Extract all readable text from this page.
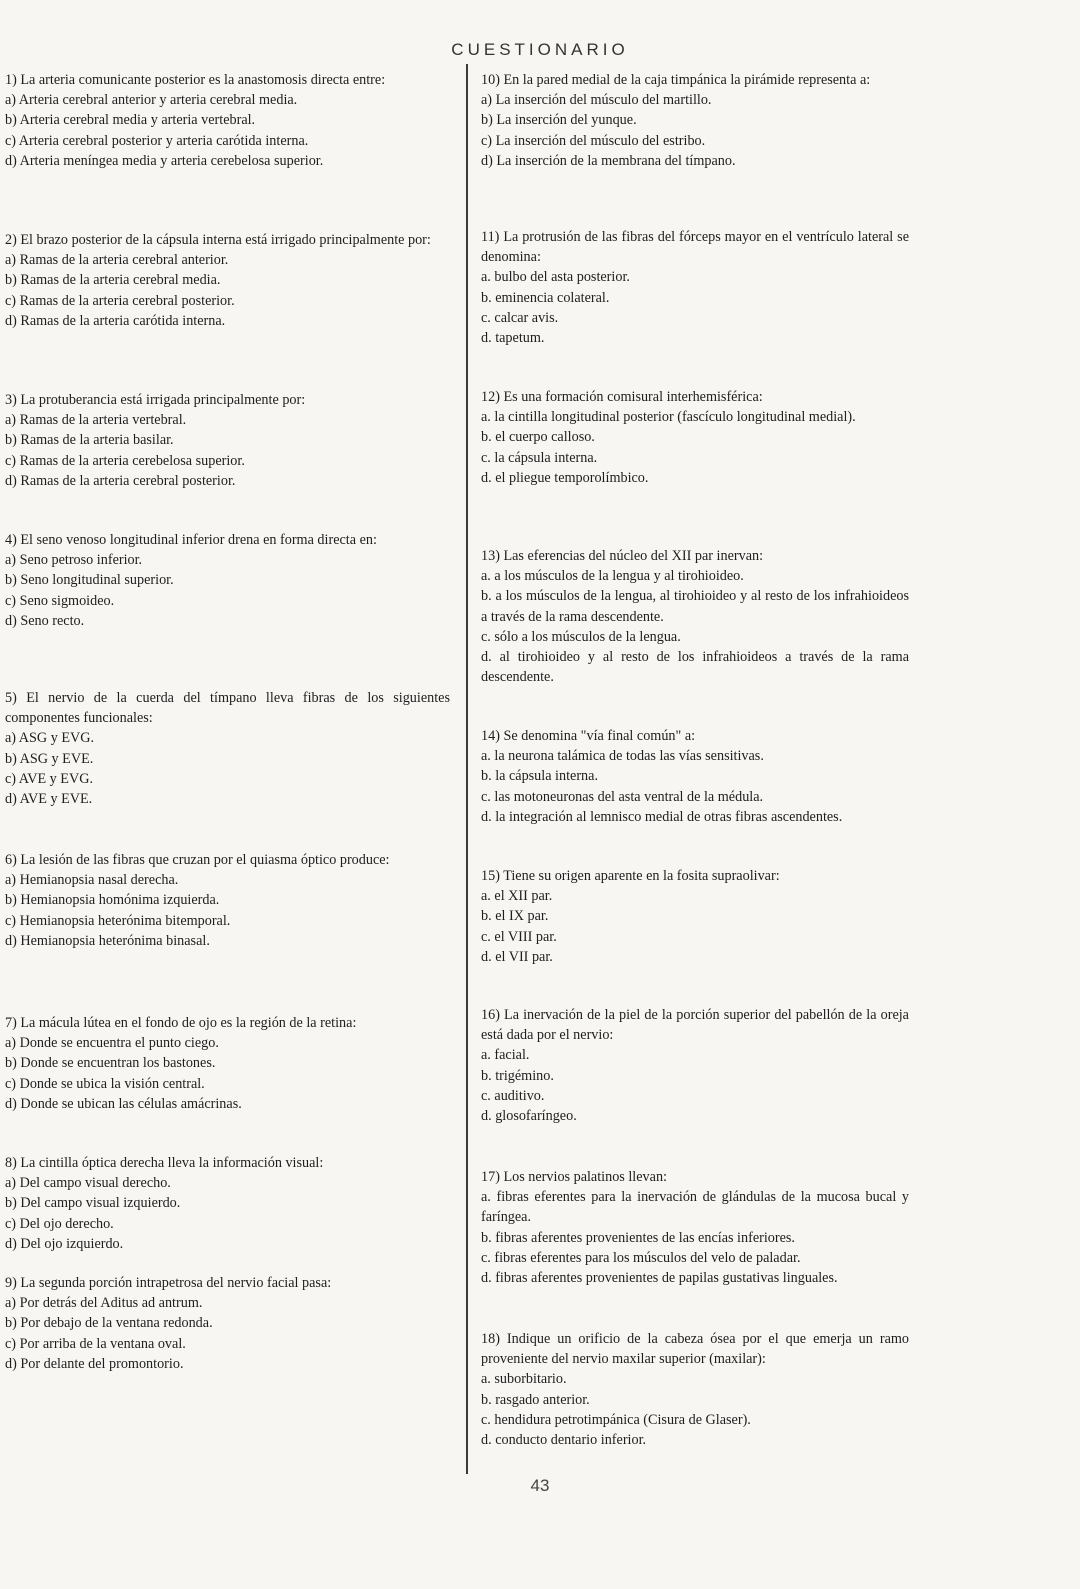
CUESTIONARIO
1) La arteria comunicante posterior es la anastomosis directa entre:
a) Arteria cerebral anterior y arteria cerebral media.
b) Arteria cerebral media y arteria vertebral.
c) Arteria cerebral posterior y arteria carótida interna.
d) Arteria meníngea media y arteria cerebelosa superior.
2) El brazo posterior de la cápsula interna está irrigado principalmente por:
a) Ramas de la arteria cerebral anterior.
b) Ramas de la arteria cerebral media.
c) Ramas de la arteria cerebral posterior.
d) Ramas de la arteria carótida interna.
3) La protuberancia está irrigada principalmente por:
a) Ramas de la arteria vertebral.
b) Ramas de la arteria basilar.
c) Ramas de la arteria cerebelosa superior.
d) Ramas de la arteria cerebral posterior.
4) El seno venoso longitudinal inferior drena en forma directa en:
a) Seno petroso inferior.
b) Seno longitudinal superior.
c) Seno sigmoideo.
d) Seno recto.
5) El nervio de la cuerda del tímpano lleva fibras de los siguientes componentes funcionales:
a) ASG y EVG.
b) ASG y EVE.
c) AVE y EVG.
d) AVE y EVE.
6) La lesión de las fibras que cruzan por el quiasma óptico produce:
a) Hemianopsia nasal derecha.
b) Hemianopsia homónima izquierda.
c) Hemianopsia heterónima bitemporal.
d) Hemianopsia heterónima binasal.
7) La mácula lútea en el fondo de ojo es la región de la retina:
a) Donde se encuentra el punto ciego.
b) Donde se encuentran los bastones.
c) Donde se ubica la visión central.
d) Donde se ubican las células amácrinas.
8) La cintilla óptica derecha lleva la información visual:
a) Del campo visual derecho.
b) Del campo visual izquierdo.
c) Del ojo derecho.
d) Del ojo izquierdo.
9) La segunda porción intrapetrosa del nervio facial pasa:
a) Por detrás del Aditus ad antrum.
b) Por debajo de la ventana redonda.
c) Por arriba de la ventana oval.
d) Por delante del promontorio.
10) En la pared medial de la caja timpánica la pirámide representa a:
a) La inserción del músculo del martillo.
b) La inserción del yunque.
c) La inserción del músculo del estribo.
d) La inserción de la membrana del tímpano.
11) La protrusión de las fibras del fórceps mayor en el ventrículo lateral se denomina:
a. bulbo del asta posterior.
b. eminencia colateral.
c. calcar avis.
d. tapetum.
12) Es una formación comisural interhemisférica:
a. la cintilla longitudinal posterior (fascículo longitudinal medial).
b. el cuerpo calloso.
c. la cápsula interna.
d. el pliegue temporolímbico.
13) Las eferencias del núcleo del XII par inervan:
a. a los músculos de la lengua y al tirohioideo.
b. a los músculos de la lengua, al tirohioideo y al resto de los infrahioideos a través de la rama descendente.
c. sólo a los músculos de la lengua.
d. al tirohioideo y al resto de los infrahioideos a través de la rama descendente.
14) Se denomina "vía final común" a:
a. la neurona talámica de todas las vías sensitivas.
b. la cápsula interna.
c. las motoneuronas del asta ventral de la médula.
d. la integración al lemnisco medial de otras fibras ascendentes.
15) Tiene su origen aparente en la fosita supraolivar:
a. el XII par.
b. el IX par.
c. el VIII par.
d. el VII par.
16) La inervación de la piel de la porción superior del pabellón de la oreja está dada por el nervio:
a. facial.
b. trigémino.
c. auditivo.
d. glosofaríngeo.
17) Los nervios palatinos llevan:
a. fibras eferentes para la inervación de glándulas de la mucosa bucal y faríngea.
b. fibras aferentes provenientes de las encías inferiores.
c. fibras eferentes para los músculos del velo de paladar.
d. fibras aferentes provenientes de papilas gustativas linguales.
18) Indique un orificio de la cabeza ósea por el que emerja un ramo proveniente del nervio maxilar superior (maxilar):
a. suborbitario.
b. rasgado anterior.
c. hendidura petrotimpánica (Cisura de Glaser).
d. conducto dentario inferior.
43
